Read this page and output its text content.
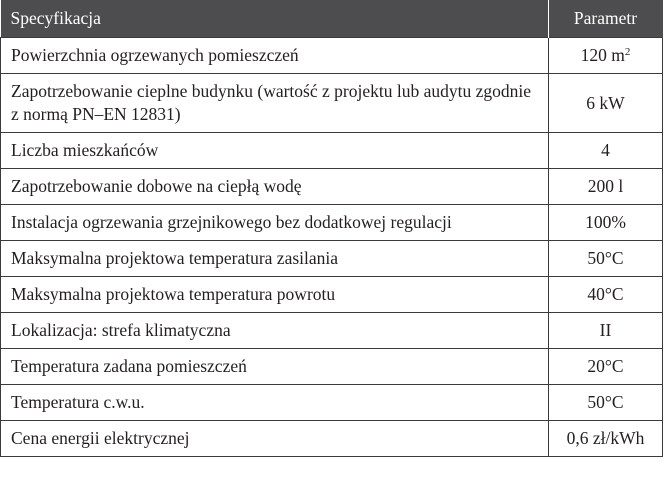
Specyfikacja	Parametr
Powierzchnia ogrzewanych pomieszczeń	120 $m^2$
Zapotrzebowanie cieplne budynku (wartość z projektu lub audytu zgodnie z normą PN–EN 12831)	6 kW
Liczba mieszkańców	4
Zapotrzebowanie dobowe na ciepłą wodę	200 l
Instalacja ogrzewania grzejnikowego bez dodatkowej regulacji	100%
Maksymalna projektowa temperatura zasilania	50°C
Maksymalna projektowa temperatura powrotu	40°C
Lokalizacja: strefa klimatyczna	II
Temperatura zadana pomieszczeń	20°C
Temperatura c.w.u.	50°C
Cena energii elektrycznej	0,6 zł/kWh
